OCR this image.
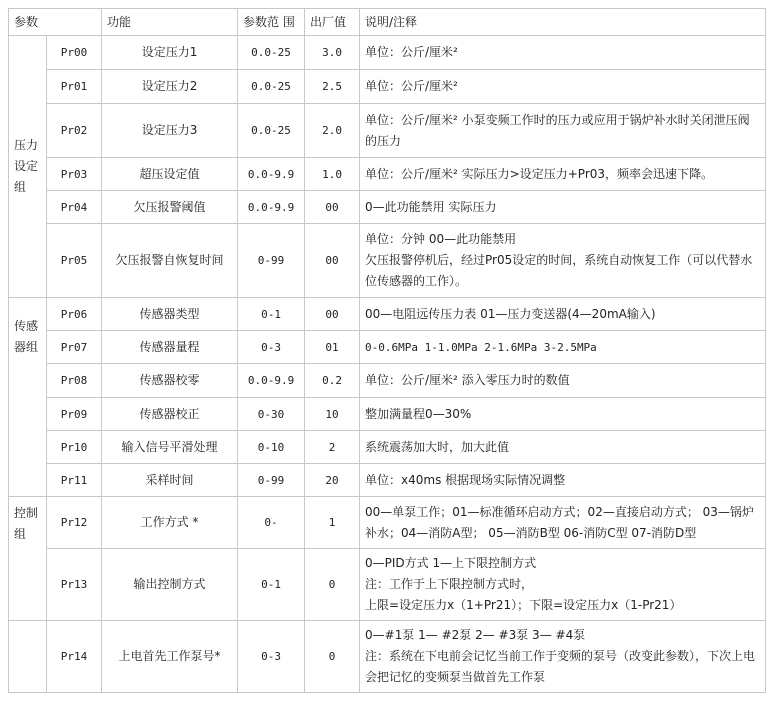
参数		功能	参数范 围	出厂值	说明/注释
压力设定组	Pr00	设定压力1	0.0-25	3.0	单位：公斤/厘米²

	Pr01	设定压力2	0.0-25	2.5	单位：公斤/厘米²

	Pr02	设定压力3	0.0-25	2.0	单位：公斤/厘米² 小泵变频工作时的压力或应用于锅炉补水时关闭泄压阀的压力

	Pr03	超压设定值	0.0-9.9	1.0	单位：公斤/厘米² 实际压力>设定压力+Pr03，频率会迅速下降。

	Pr04	欠压报警阈值	0.0-9.9	00	0—此功能禁用 实际压力

	Pr05	欠压报警自恢复时间	0-99	00	单位：分钟 00—此功能禁用
欠压报警停机后，经过Pr05设定的时间，系统自动恢复工作（可以代替水位传感器的工作）。

传感器组	Pr06	传感器类型	0-1	00	00—电阻远传压力表 01—压力变送器(4—20mA输入)

	Pr07	传感器量程	0-3	01	0-0.6MPa 1-1.0MPa 2-1.6MPa 3-2.5MPa

	Pr08	传感器校零	0.0-9.9	0.2	单位：公斤/厘米² 添入零压力时的数值

	Pr09	传感器校正	0-30	10	整加满量程0—30%

	Pr10	输入信号平滑处理	0-10	2	系统震荡加大时，加大此值

	Pr11	采样时间	0-99	20	单位：x40ms 根据现场实际情况调整

控制组	Pr12	工作方式 *	0-	1	00—单泵工作；01—标准循环启动方式；02—直接启动方式； 03—锅炉补水；04—消防A型； 05—消防B型 06-消防C型 07-消防D型

	Pr13	输出控制方式	0-1	0	0—PID方式 1—上下限控制方式
注：工作于上下限控制方式时，
上限=设定压力x（1+Pr21）；下限=设定压力x（1-Pr21）

	Pr14	上电首先工作泵号*	0-3	0	0—#1泵 1— #2泵 2— #3泵 3— #4泵
注：系统在下电前会记忆当前工作于变频的泵号（改变此参数），下次上电会把记忆的变频泵当做首先工作泵
